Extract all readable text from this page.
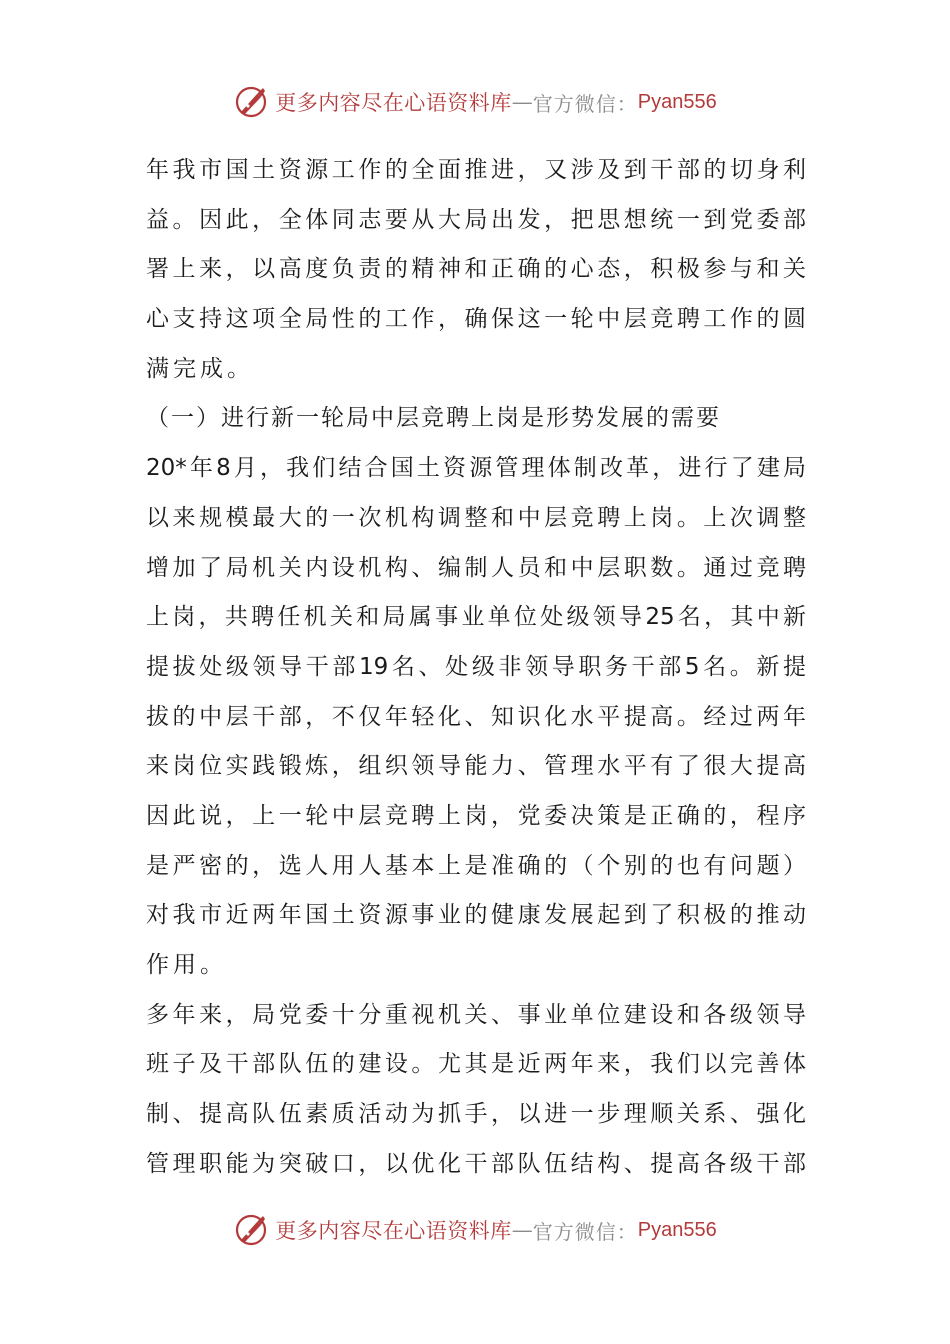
更多内容尽在心语资料库 — 官方微信： Pyan556
年我市国土资源工作的全面推进，又涉及到干部的切身利
益。因此，全体同志要从大局出发，把思想统一到党委部
署上来，以高度负责的精神和正确的心态，积极参与和关
心支持这项全局性的工作，确保这一轮中层竞聘工作的圆
满完成。
（一）进行新一轮局中层竞聘上岗是形势发展的需要
20*年8月，我们结合国土资源管理体制改革，进行了建局
以来规模最大的一次机构调整和中层竞聘上岗。上次调整
增加了局机关内设机构、编制人员和中层职数。通过竞聘
上岗，共聘任机关和局属事业单位处级领导25名，其中新
提拔处级领导干部19名、处级非领导职务干部5名。新提
拔的中层干部，不仅年轻化、知识化水平提高。经过两年
来岗位实践锻炼，组织领导能力、管理水平有了很大提高
因此说，上一轮中层竞聘上岗，党委决策是正确的，程序
是严密的，选人用人基本上是准确的（个别的也有问题）
对我市近两年国土资源事业的健康发展起到了积极的推动
作用。
多年来，局党委十分重视机关、事业单位建设和各级领导
班子及干部队伍的建设。尤其是近两年来，我们以完善体
制、提高队伍素质活动为抓手，以进一步理顺关系、强化
管理职能为突破口，以优化干部队伍结构、提高各级干部
更多内容尽在心语资料库 — 官方微信： Pyan556
